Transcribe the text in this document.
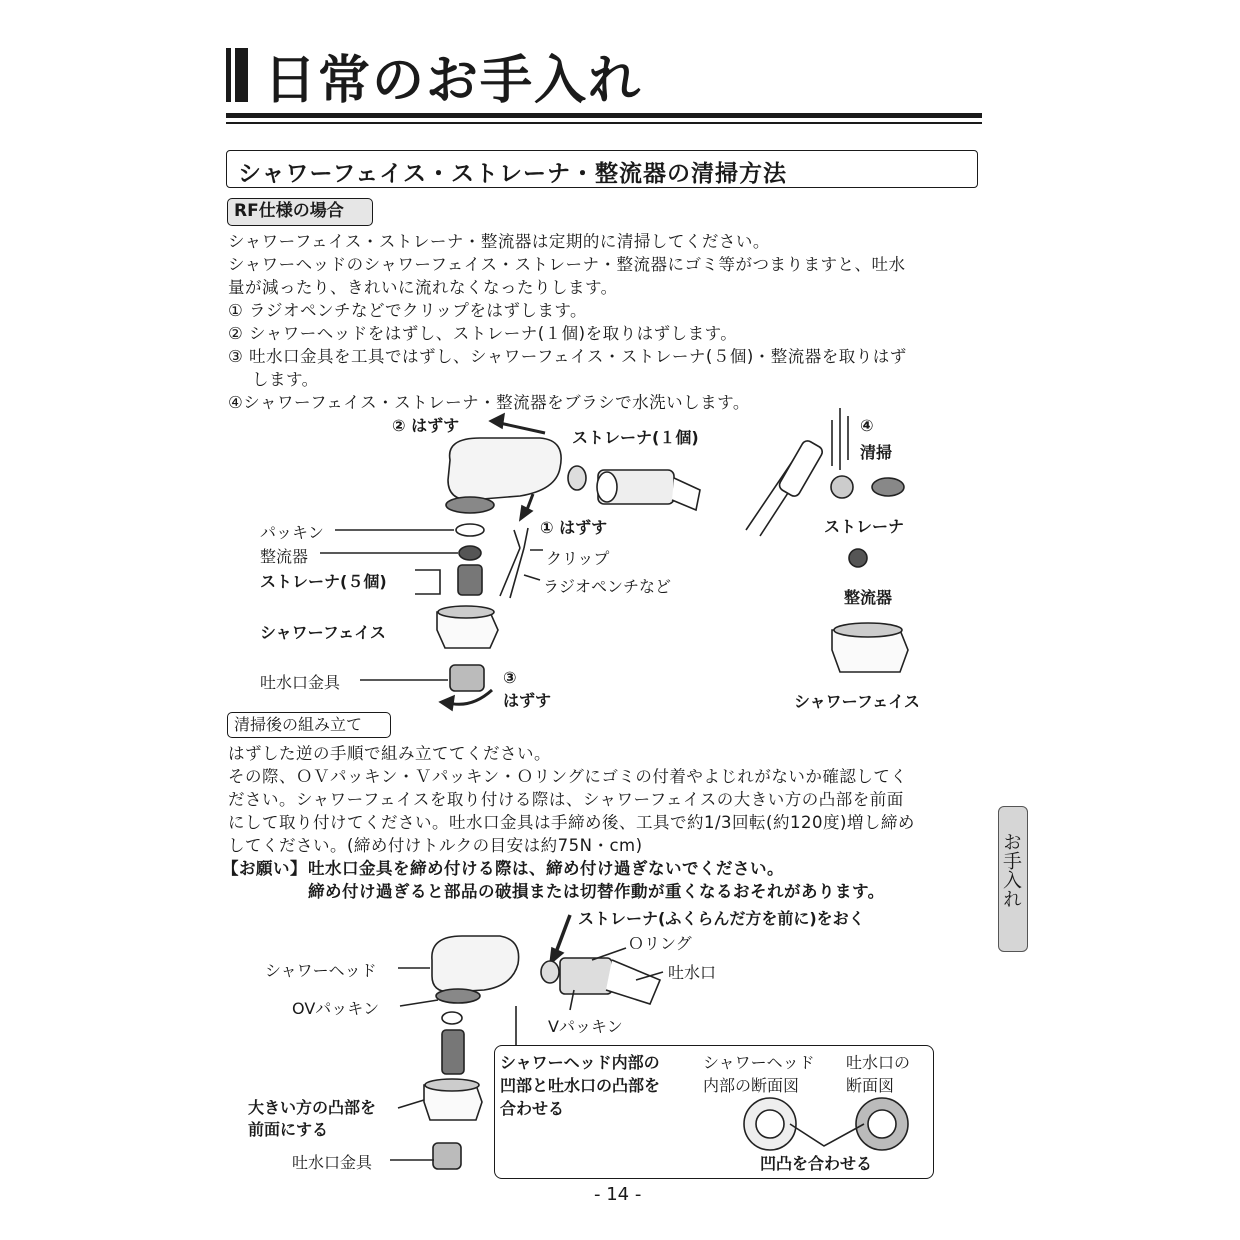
日常のお手入れ
シャワーフェイス・ストレーナ・整流器の清掃方法
RF仕様の場合
シャワーフェイス・ストレーナ・整流器は定期的に清掃してください。
シャワーヘッドのシャワーフェイス・ストレーナ・整流器にゴミ等がつまりますと、吐水
量が減ったり、きれいに流れなくなったりします。
① ラジオペンチなどでクリップをはずします。
② シャワーヘッドをはずし、ストレーナ(１個)を取りはずします。
③ 吐水口金具を工具ではずし、シャワーフェイス・ストレーナ(５個)・整流器を取りはず
します。
④シャワーフェイス・ストレーナ・整流器をブラシで水洗いします。
② はずす
ストレーナ(１個)
① はずす
クリップ
ラジオペンチなど
パッキン
整流器
ストレーナ(５個)
シャワーフェイス
吐水口金具	③
はずす
④
清掃
ストレーナ
整流器
シャワーフェイス
清掃後の組み立て
はずした逆の手順で組み立ててください。
その際、ＯＶパッキン・Ｖパッキン・Ｏリングにゴミの付着やよじれがないか確認してく
ださい。シャワーフェイスを取り付ける際は、シャワーフェイスの大きい方の凸部を前面
にして取り付けてください。吐水口金具は手締め後、工具で約1/3回転(約120度)増し締め
してください。(締め付けトルクの目安は約75N・cm)
【お願い】 吐水口金具を締め付ける際は、締め付け過ぎないでください。
締め付け過ぎると部品の破損または切替作動が重くなるおそれがあります。	お手入れ
ストレーナ(ふくらんだ方を前に)をおく
Ｏリング
吐水口
シャワーヘッド
OVパッキン
Vパッキン
大きい方の凸部を
前面にする
吐水口金具
シャワーヘッド内部の
凹部と吐水口の凸部を
合わせる
シャワーヘッド
内部の断面図
吐水口の
断面図
凹凸を合わせる
- 14 -
